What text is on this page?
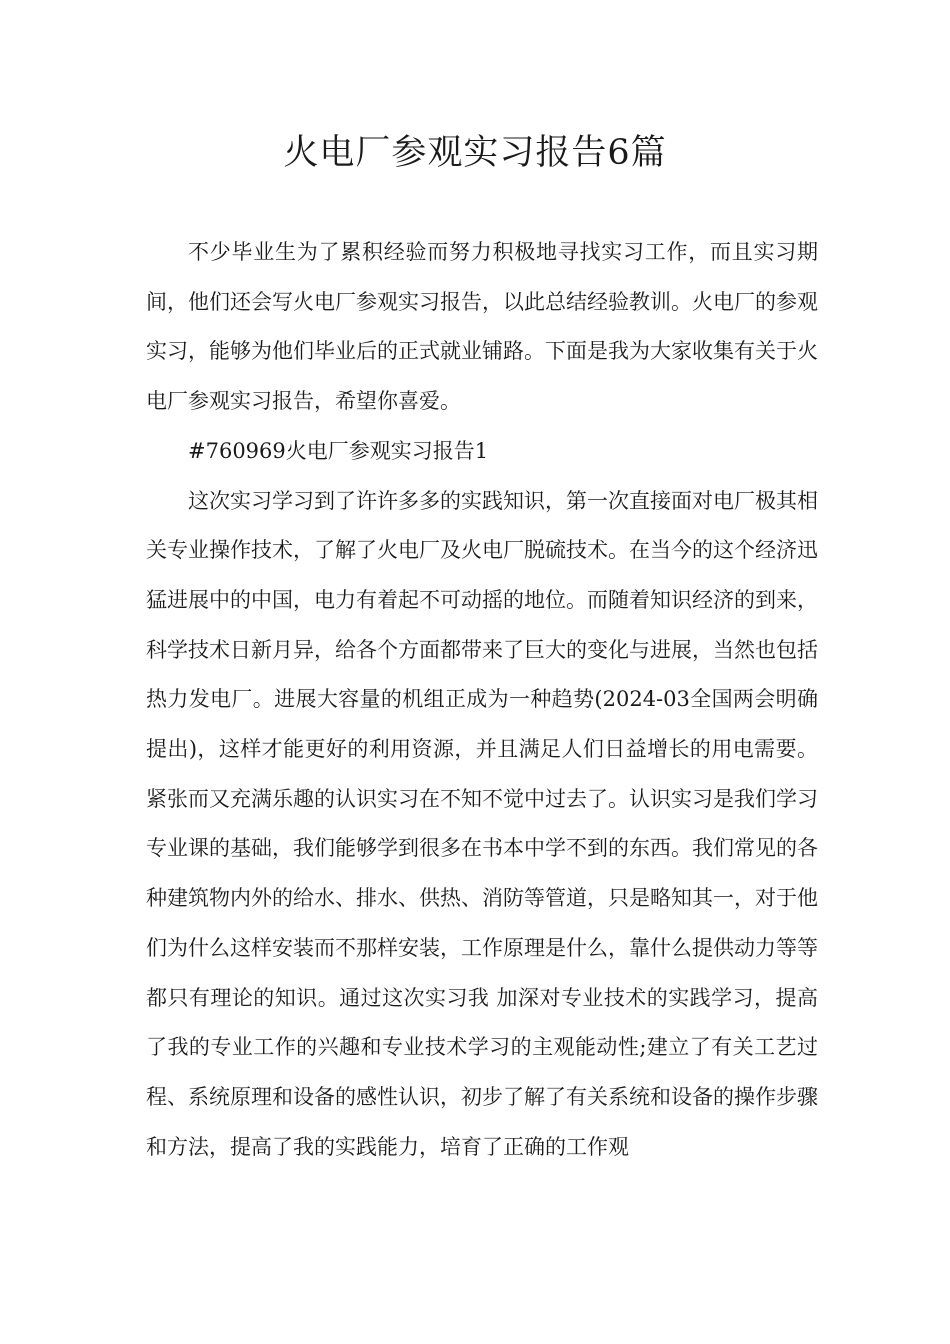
火电厂参观实习报告6篇

不少毕业生为了累积经验而努力积极地寻找实习工作，而且实习期间，他们还会写火电厂参观实习报告，以此总结经验教训。火电厂的参观实习，能够为他们毕业后的正式就业铺路。下面是我为大家收集有关于火电厂参观实习报告，希望你喜爱。

#760969火电厂参观实习报告1

这次实习学习到了许许多多的实践知识，第一次直接面对电厂极其相关专业操作技术，了解了火电厂及火电厂脱硫技术。在当今的这个经济迅猛进展中的中国，电力有着起不可动摇的地位。而随着知识经济的到来，科学技术日新月异，给各个方面都带来了巨大的变化与进展，当然也包括热力发电厂。进展大容量的机组正成为一种趋势(2024-03全国两会明确提出)，这样才能更好的利用资源，并且满足人们日益增长的用电需要。紧张而又充满乐趣的认识实习在不知不觉中过去了。认识实习是我们学习专业课的基础，我们能够学到很多在书本中学不到的东西。我们常见的各种建筑物内外的给水、排水、供热、消防等管道，只是略知其一，对于他们为什么这样安装而不那样安装，工作原理是什么，靠什么提供动力等等都只有理论的知识。通过这次实习我 加深对专业技术的实践学习，提高了我的专业工作的兴趣和专业技术学习的主观能动性;建立了有关工艺过程、系统原理和设备的感性认识，初步了解了有关系统和设备的操作步骤和方法，提高了我的实践能力，培育了正确的工作观
